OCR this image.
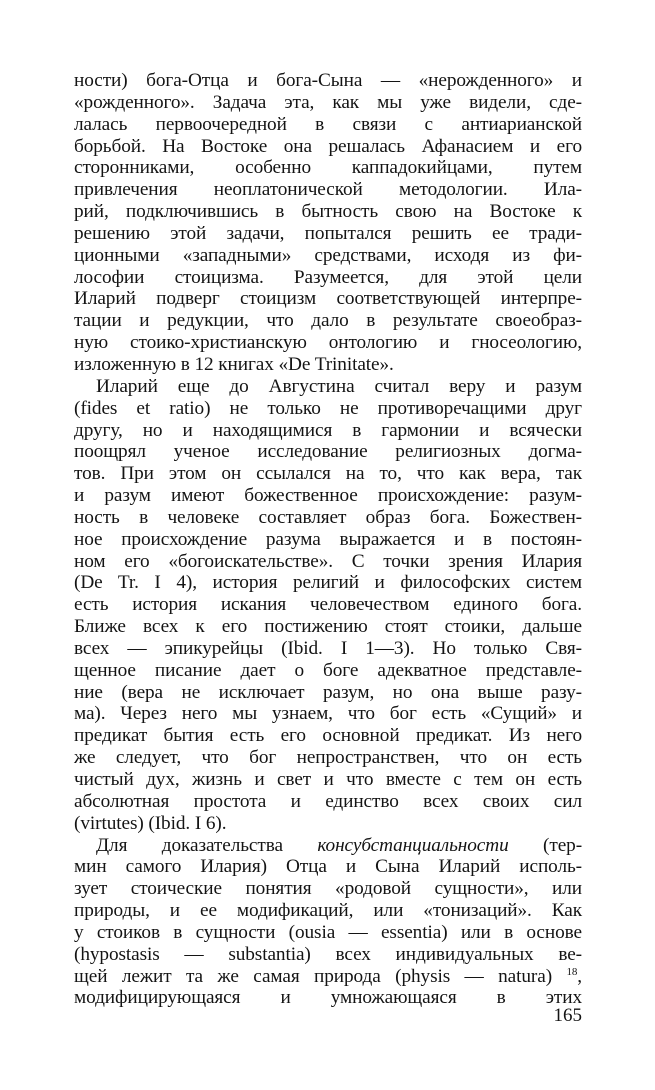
ности) бога-Отца и бога-Сына — «нерожденного» и
«рожденного». Задача эта, как мы уже видели, сде-
лалась первоочередной в связи с антиарианской
борьбой. На Востоке она решалась Афанасием и его
сторонниками, особенно каппадокийцами, путем
привлечения неоплатонической методологии. Ила-
рий, подключившись в бытность свою на Востоке к
решению этой задачи, попытался решить ее тради-
ционными «западными» средствами, исходя из фи-
лософии стоицизма. Разумеется, для этой цели
Иларий подверг стоицизм соответствующей интерпре-
тации и редукции, что дало в результате своеобраз-
ную стоико-христианскую онтологию и гносеологию,
изложенную в 12 книгах «De Trinitate».
Иларий еще до Августина считал веру и разум
(fides et ratio) не только не противоречащими друг
другу, но и находящимися в гармонии и всячески
поощрял ученое исследование религиозных догма-
тов. При этом он ссылался на то, что как вера, так
и разум имеют божественное происхождение: разум-
ность в человеке составляет образ бога. Божествен-
ное происхождение разума выражается и в постоян-
ном его «богоискательстве». С точки зрения Илария
(De Tr. I 4), история религий и философских систем
есть история искания человечеством единого бога.
Ближе всех к его постижению стоят стоики, дальше
всех — эпикурейцы (Ibid. I 1—3). Но только Свя-
щенное писание дает о боге адекватное представле-
ние (вера не исключает разум, но она выше разу-
ма). Через него мы узнаем, что бог есть «Сущий» и
предикат бытия есть его основной предикат. Из него
же следует, что бог непространствен, что он есть
чистый дух, жизнь и свет и что вместе с тем он есть
абсолютная простота и единство всех своих сил
(virtutes) (Ibid. I 6).
Для доказательства консубстанциальности (тер-
мин самого Илария) Отца и Сына Иларий исполь-
зует стоические понятия «родовой сущности», или
природы, и ее модификаций, или «тонизаций». Как
у стоиков в сущности (ousia — essentia) или в основе
(hypostasis — substantia) всех индивидуальных ве-
щей лежит та же самая природа (physis — natura) $^{18}$,
модифицирующаяся и умножающаяся в этих
165
